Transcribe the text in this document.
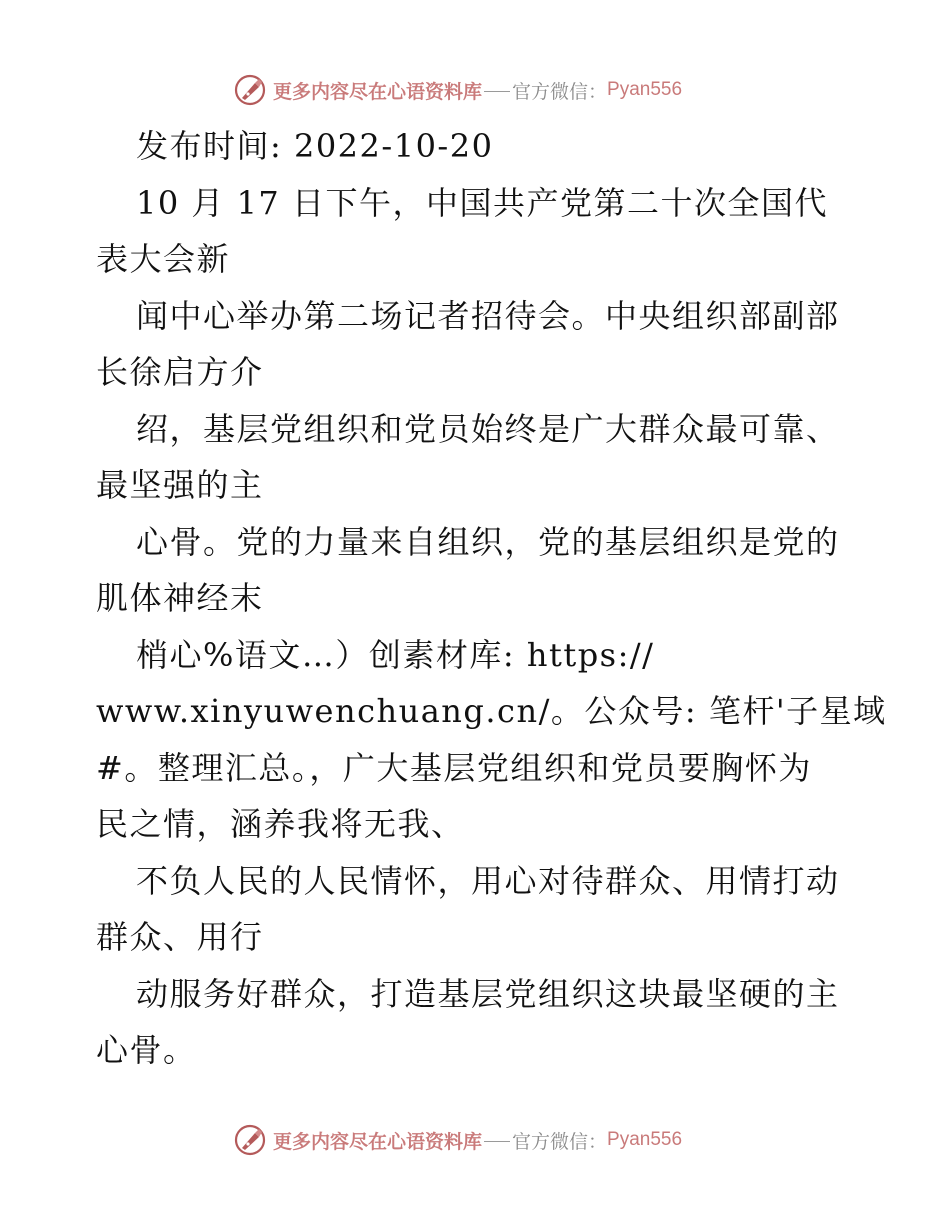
更多内容尽在心语资料库 官方微信： Pyan556
发布时间: 2022-10-20
10 月 17 日下午，中国共产党第二十次全国代
表大会新
闻中心举办第二场记者招待会。中央组织部副部
长徐启方介
绍，基层党组织和党员始终是广大群众最可靠、
最坚强的主
心骨。党的力量来自组织，党的基层组织是党的
肌体神经末
梢心%语文…）创素材库: https://
www.xinyuwenchuang.cn/。公众号: 笔杆'子星域
#。整理汇总。，广大基层党组织和党员要胸怀为
民之情，涵养我将无我、
不负人民的人民情怀，用心对待群众、用情打动
群众、用行
动服务好群众，打造基层党组织这块最坚硬的主
心骨。
更多内容尽在心语资料库 官方微信： Pyan556
